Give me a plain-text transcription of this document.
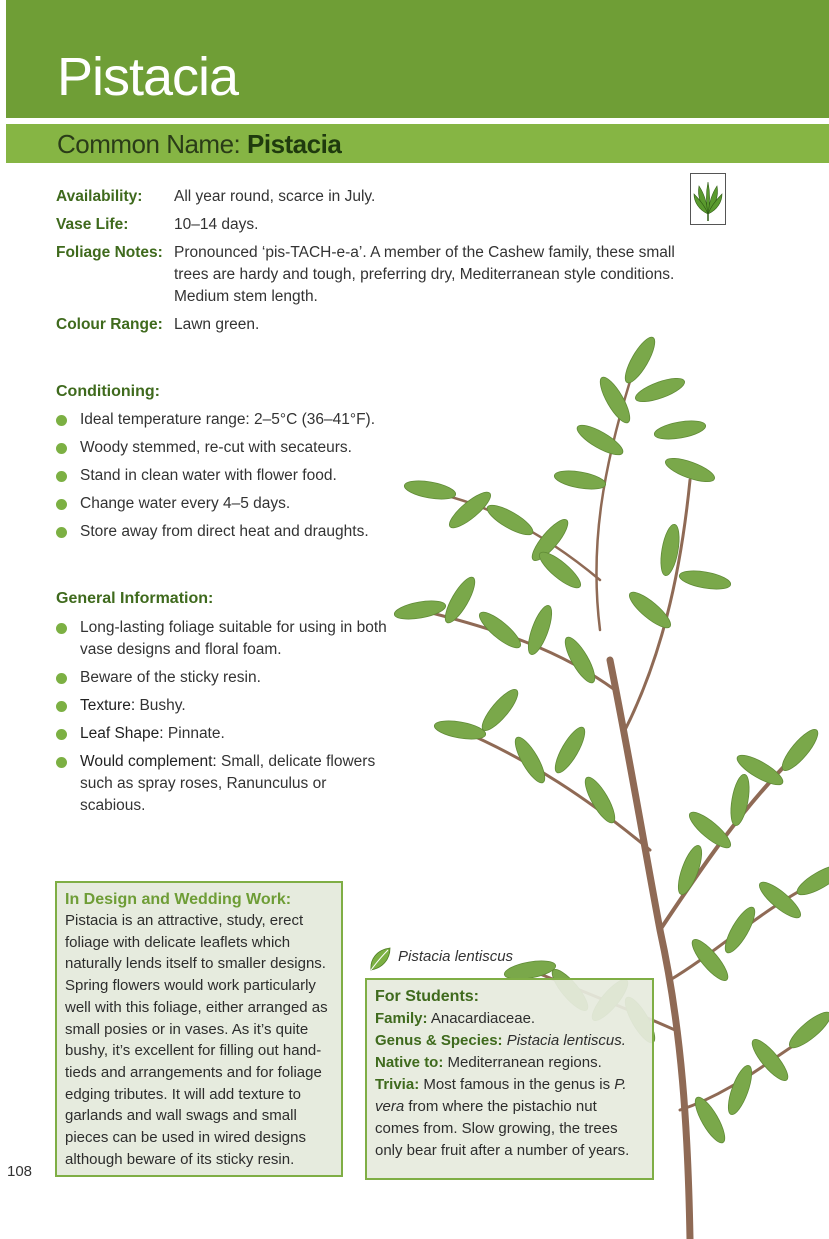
Pistacia
Common Name: Pistacia
Availability:	All year round, scarce in July.
Vase Life:	10–14 days.
Foliage Notes: Pronounced ‘pis-TACH-e-a’. A member of the Cashew family, these small trees are hardy and tough, preferring dry, Mediterranean style conditions. Medium stem length.
Colour Range: Lawn green.
Conditioning:
Ideal temperature range: 2–5°C (36–41°F).
Woody stemmed, re-cut with secateurs.
Stand in clean water with flower food.
Change water every 4–5 days.
Store away from direct heat and draughts.
General Information:
Long-lasting foliage suitable for using in both vase designs and floral foam.
Beware of the sticky resin.
Texture: Bushy.
Leaf Shape: Pinnate.
Would complement: Small, delicate flowers such as spray roses, Ranunculus or scabious.
In Design and Wedding Work:
Pistacia is an attractive, study, erect foliage with delicate leaflets which naturally lends itself to smaller designs. Spring flowers would work particularly well with this foliage, either arranged as small posies or in vases. As it’s quite bushy, it’s excellent for filling out hand-tieds and arrangements and for foliage edging tributes. It will add texture to garlands and wall swags and small pieces can be used in wired designs although beware of its sticky resin.
Pistacia lentiscus
For Students:
Family: Anacardiaceae.
Genus & Species: Pistacia lentiscus.
Native to: Mediterranean regions.
Trivia: Most famous in the genus is P. vera from where the pistachio nut comes from. Slow growing, the trees only bear fruit after a number of years.
108
